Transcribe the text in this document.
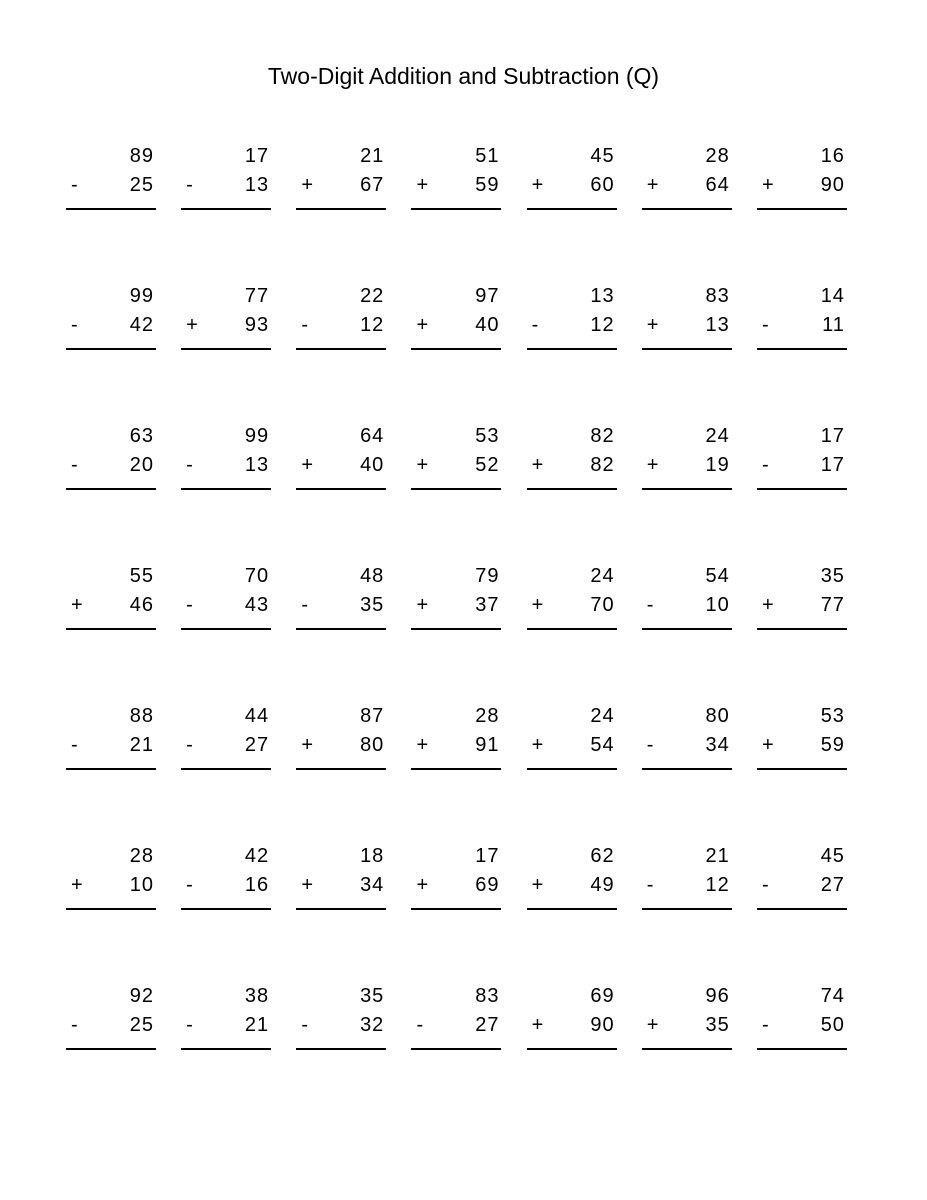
Two-Digit Addition and Subtraction (Q)
89
-	25
17
-	13
21
+ 67
51
+ 59
45
+ 60
28
+ 64
16
+ 90
99
-	42
77
+ 93
22
-	12
97
+ 40
13
-	12
83
+ 13
14
-	11
63
-	20
99
-	13
64
+ 40
53
+ 52
82
+ 82
24
+ 19
17
-	17
55
+ 46
70
-	43
48
-	35
79
+ 37
24
+ 70
54
-	10
35
+ 77
88
-	21
44
-	27
87
+ 80
28
+ 91
24
+ 54
80
-	34
53
+ 59
28
+ 10
42
-	16
18
+ 34
17
+ 69
62
+ 49
21
-	12
45
-	27
92
-	25
38
-	21
35
-	32
83
-	27
69
+ 90
96
+ 35
74
-	50
